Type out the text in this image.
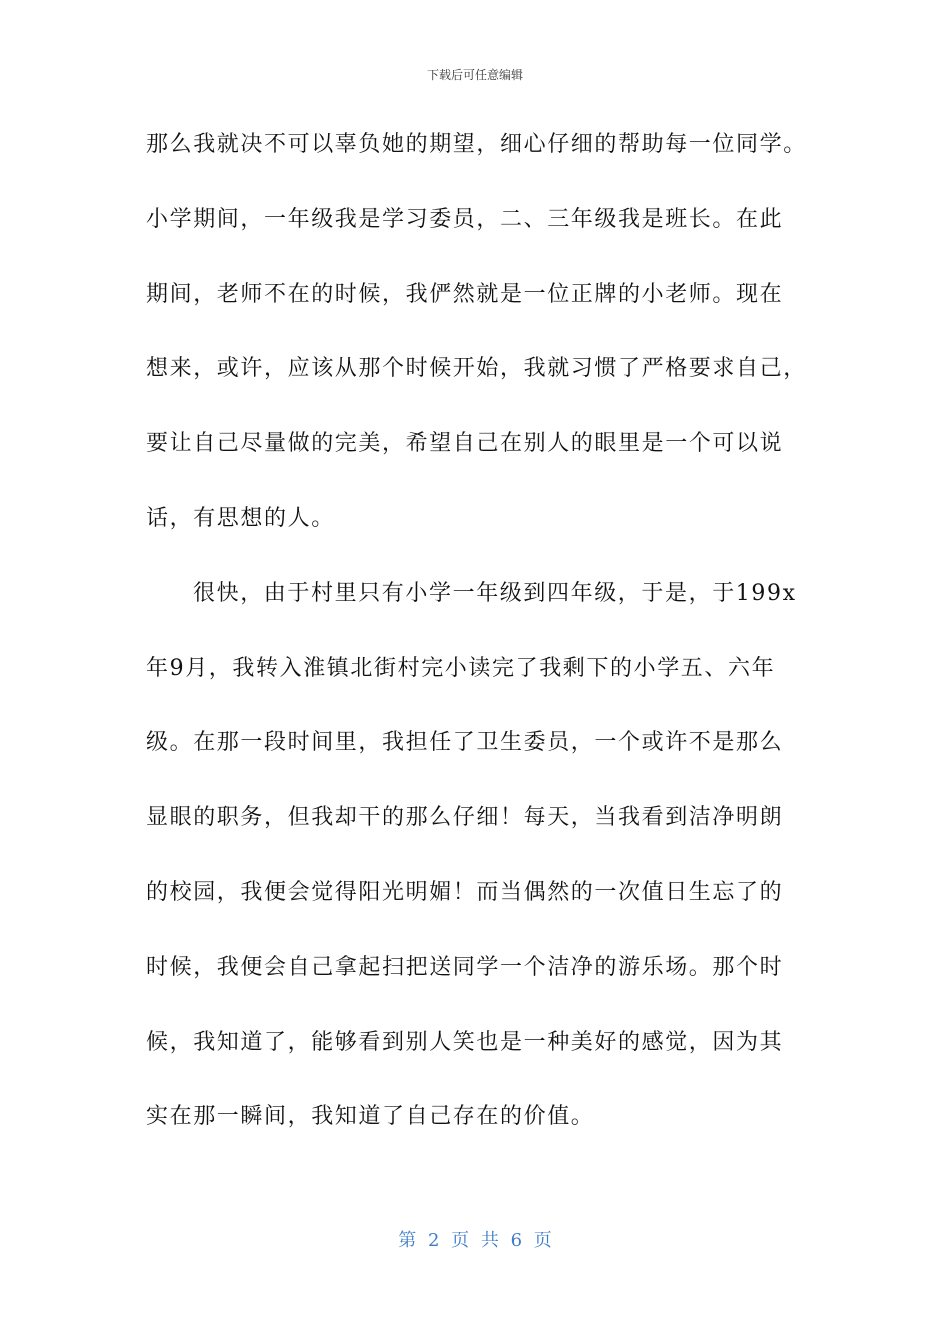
下载后可任意编辑
那么我就决不可以辜负她的期望，细心仔细的帮助每一位同学。
小学期间，一年级我是学习委员，二、三年级我是班长。在此
期间，老师不在的时候，我俨然就是一位正牌的小老师。现在
想来，或许，应该从那个时候开始，我就习惯了严格要求自己，
要让自己尽量做的完美，希望自己在别人的眼里是一个可以说
话，有思想的人。
很快，由于村里只有小学一年级到四年级，于是，于199x
年9月，我转入淮镇北街村完小读完了我剩下的小学五、六年
级。在那一段时间里，我担任了卫生委员，一个或许不是那么
显眼的职务，但我却干的那么仔细！每天，当我看到洁净明朗
的校园，我便会觉得阳光明媚！而当偶然的一次值日生忘了的
时候，我便会自己拿起扫把送同学一个洁净的游乐场。那个时
候，我知道了，能够看到别人笑也是一种美好的感觉，因为其
实在那一瞬间，我知道了自己存在的价值。
第 2 页 共 6 页
